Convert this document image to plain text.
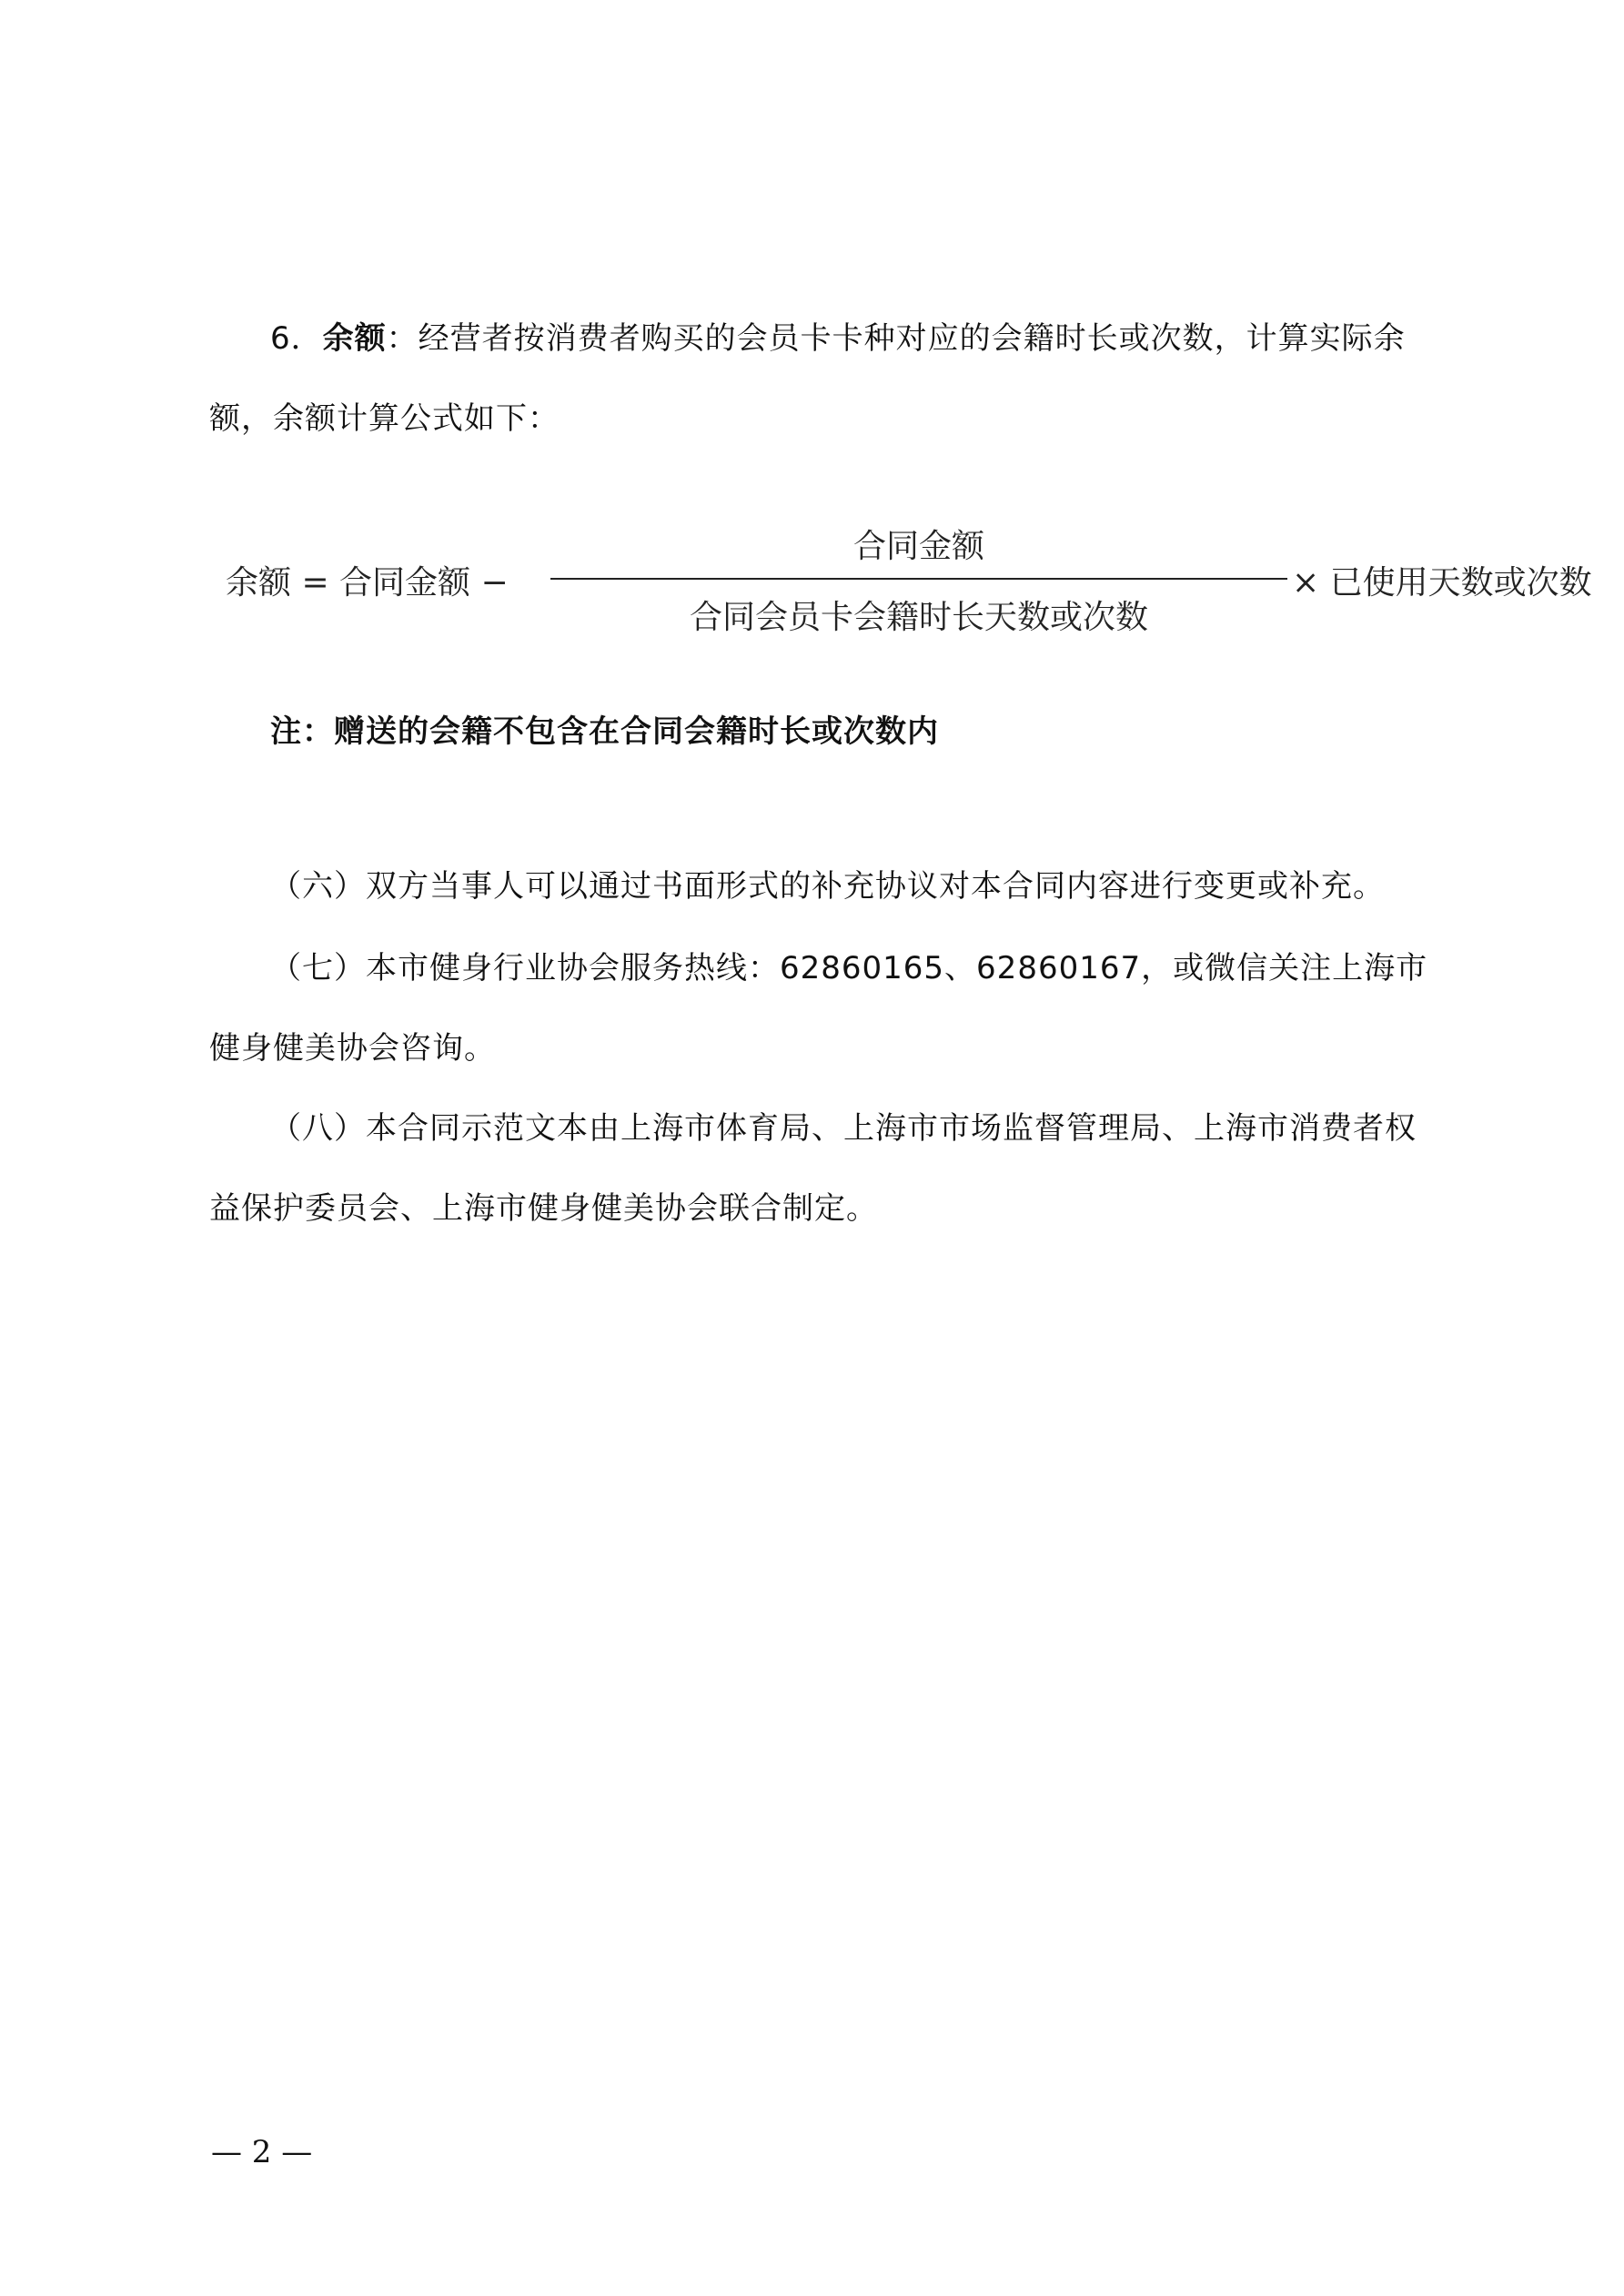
6．余额：经营者按消费者购买的会员卡卡种对应的会籍时长或次数，计算实际余额，余额计算公式如下：

余额 = 合同金额 −
合同金额
合同会员卡会籍时长天数或次数
× 已使用天数或次数

注：赠送的会籍不包含在合同会籍时长或次数内

（六）双方当事人可以通过书面形式的补充协议对本合同内容进行变更或补充。

（七）本市健身行业协会服务热线：62860165、62860167，或微信关注上海市健身健美协会咨询。

（八）本合同示范文本由上海市体育局、上海市市场监督管理局、上海市消费者权益保护委员会、上海市健身健美协会联合制定。

— 2 —
